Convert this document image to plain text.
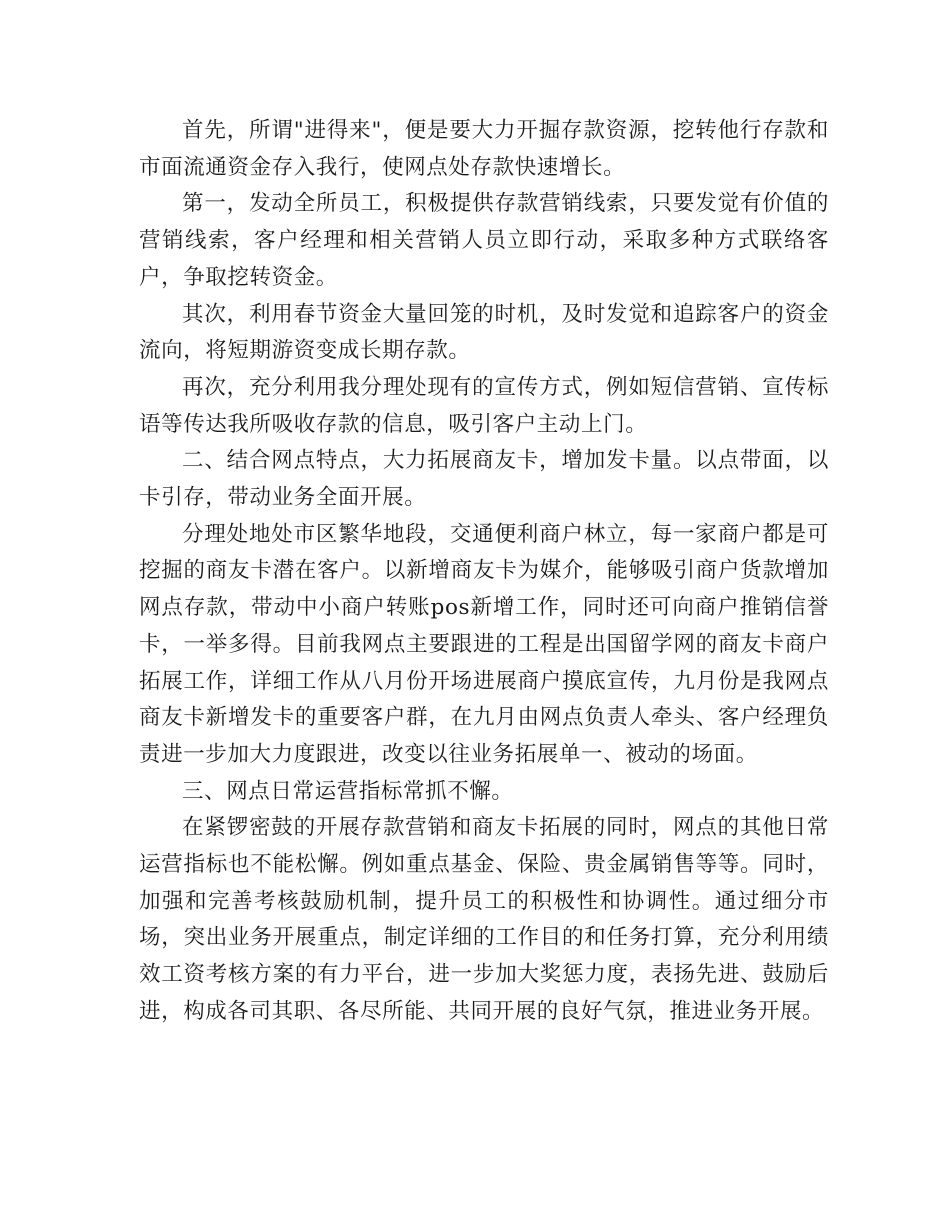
首先，所谓"进得来"，便是要大力开掘存款资源，挖转他行存款和市面流通资金存入我行，使网点处存款快速增长。

第一，发动全所员工，积极提供存款营销线索，只要发觉有价值的营销线索，客户经理和相关营销人员立即行动，采取多种方式联络客户，争取挖转资金。

其次，利用春节资金大量回笼的时机，及时发觉和追踪客户的资金流向，将短期游资变成长期存款。

再次，充分利用我分理处现有的宣传方式，例如短信营销、宣传标语等传达我所吸收存款的信息，吸引客户主动上门。

二、结合网点特点，大力拓展商友卡，增加发卡量。以点带面，以卡引存，带动业务全面开展。

分理处地处市区繁华地段，交通便利商户林立，每一家商户都是可挖掘的商友卡潜在客户。以新增商友卡为媒介，能够吸引商户货款增加网点存款，带动中小商户转账pos新增工作，同时还可向商户推销信誉卡，一举多得。目前我网点主要跟进的工程是出国留学网的商友卡商户拓展工作，详细工作从八月份开场进展商户摸底宣传，九月份是我网点商友卡新增发卡的重要客户群，在九月由网点负责人牵头、客户经理负责进一步加大力度跟进，改变以往业务拓展单一、被动的场面。

三、网点日常运营指标常抓不懈。

在紧锣密鼓的开展存款营销和商友卡拓展的同时，网点的其他日常运营指标也不能松懈。例如重点基金、保险、贵金属销售等等。同时，加强和完善考核鼓励机制，提升员工的积极性和协调性。通过细分市场，突出业务开展重点，制定详细的工作目的和任务打算，充分利用绩效工资考核方案的有力平台，进一步加大奖惩力度，表扬先进、鼓励后进，构成各司其职、各尽所能、共同开展的良好气氛，推进业务开展。
